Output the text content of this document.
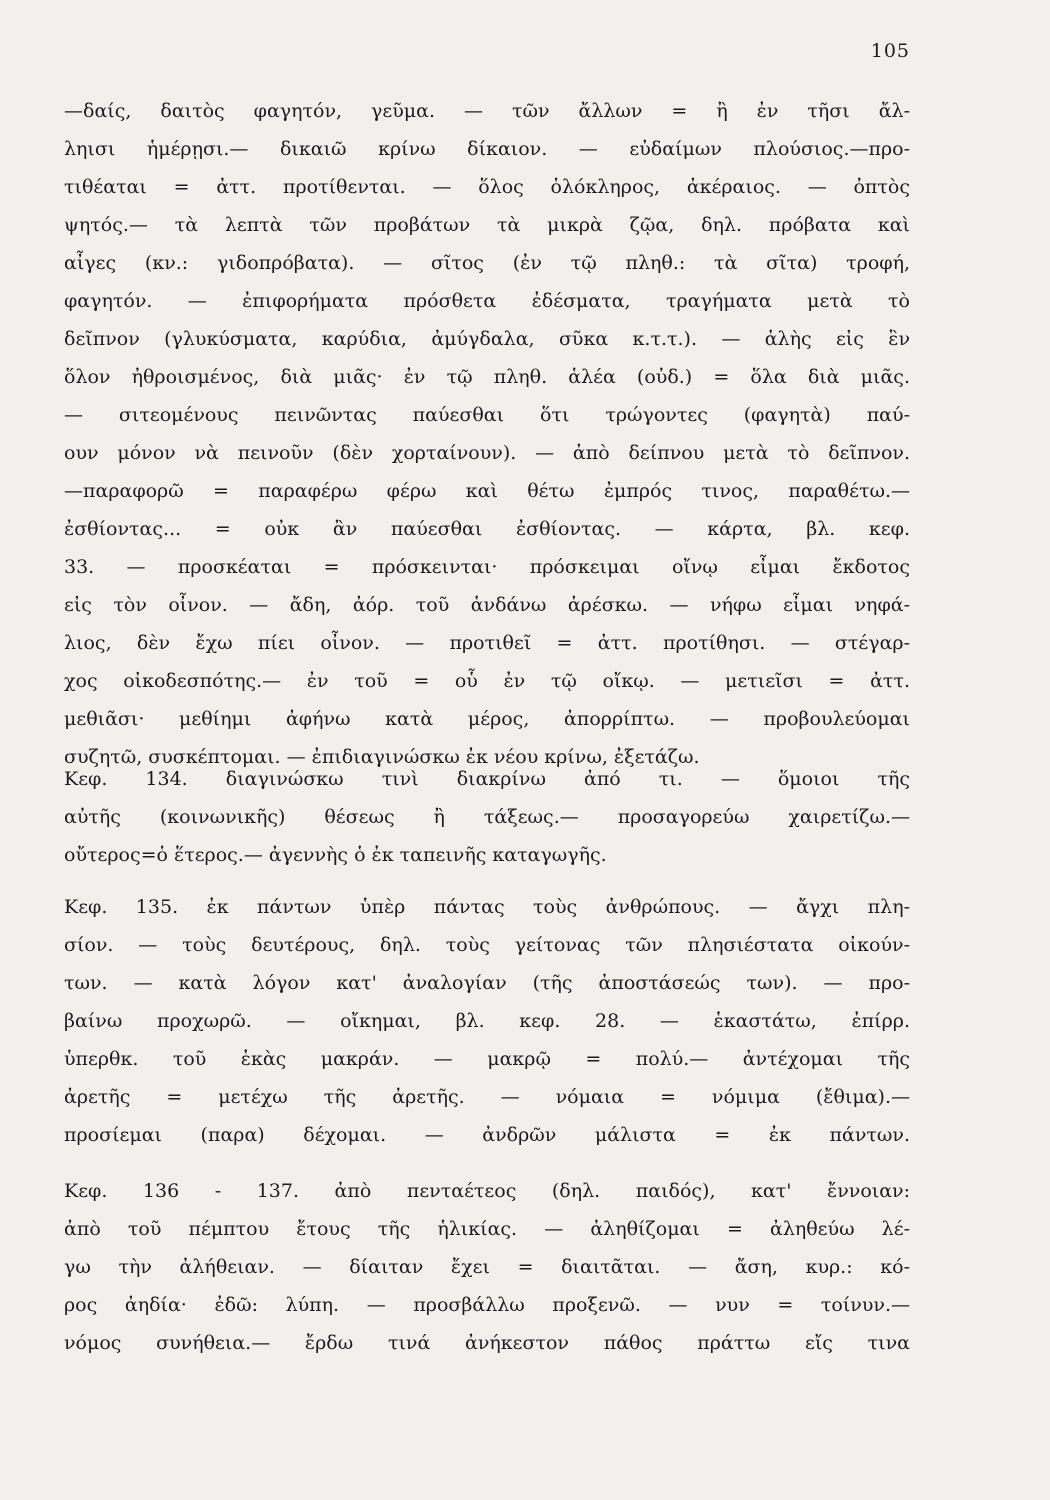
105
—δαίς, δαιτὸς φαγητόν, γεῦμα. — τῶν ἄλλων = ἢ ἐν τῆσι ἄλ-
ληισι ἡμέρῃσι.— δικαιῶ κρίνω δίκαιον. — εὐδαίμων πλούσιος.—προ-
τιθέαται = ἀττ. προτίθενται. — ὅλος ὁλόκληρος, ἀκέραιος. — ὀπτὸς
ψητός.— τὰ λεπτὰ τῶν προβάτων τὰ μικρὰ ζῷα, δηλ. πρόβατα καὶ
αἶγες (κν.: γιδοπρόβατα). — σῖτος (ἐν τῷ πληθ.: τὰ σῖτα) τροφή,
φαγητόν. — ἐπιφορήματα πρόσθετα ἐδέσματα, τραγήματα μετὰ τὸ
δεῖπνον (γλυκύσματα, καρύδια, ἀμύγδαλα, σῦκα κ.τ.τ.). — ἁλὴς εἰς ἓν
ὅλον ἠθροισμένος, διὰ μιᾶς· ἐν τῷ πληθ. ἁλέα (οὐδ.) = ὅλα διὰ μιᾶς.
— σιτεομένους πεινῶντας παύεσθαι ὅτι τρώγοντες (φαγητὰ) παύ-
ουν μόνον νὰ πεινοῦν (δὲν χορταίνουν). — ἀπὸ δείπνου μετὰ τὸ δεῖπνον.
—παραφορῶ = παραφέρω φέρω καὶ θέτω ἐμπρός τινος, παραθέτω.—
ἐσθίοντας... = οὐκ ἂν παύεσθαι ἐσθίοντας. — κάρτα, βλ. κεφ.
33. — προσκέαται = πρόσκεινται· πρόσκειμαι οἴνῳ εἶμαι ἔκδοτος
εἰς τὸν οἶνον. — ἄδη, ἀόρ. τοῦ ἁνδάνω ἀρέσκω. — νήφω εἶμαι νηφά-
λιος, δὲν ἔχω πίει οἶνον. — προτιθεῖ = ἀττ. προτίθησι. — στέγαρ-
χος οἰκοδεσπότης.— ἐν τοῦ = οὗ ἐν τῷ οἴκῳ. — μετιεῖσι = ἀττ.
μεθιᾶσι· μεθίημι ἀφήνω κατὰ μέρος, ἀπορρίπτω. — προβουλεύομαι
συζητῶ, συσκέπτομαι. — ἐπιδιαγινώσκω ἐκ νέου κρίνω, ἐξετάζω.
Κεφ. 134. διαγινώσκω τινὶ διακρίνω ἀπό τι. — ὅμοιοι τῆς
αὐτῆς (κοινωνικῆς) θέσεως ἢ τάξεως.— προσαγορεύω χαιρετίζω.—
οὔτερος=ὁ ἕτερος.— ἀγεννὴς ὁ ἐκ ταπεινῆς καταγωγῆς.
Κεφ. 135. ἐκ πάντων ὑπὲρ πάντας τοὺς ἀνθρώπους. — ἄγχι πλη-
σίον. — τοὺς δευτέρους, δηλ. τοὺς γείτονας τῶν πλησιέστατα οἰκούν-
των. — κατὰ λόγον κατ' ἀναλογίαν (τῆς ἀποστάσεώς των). — προ-
βαίνω προχωρῶ. — οἴκημαι, βλ. κεφ. 28. — ἑκαστάτω, ἐπίρρ.
ὑπερθκ. τοῦ ἑκὰς μακράν. — μακρῷ = πολύ.— ἀντέχομαι τῆς
ἀρετῆς = μετέχω τῆς ἀρετῆς. — νόμαια = νόμιμα (ἔθιμα).—
προσίεμαι (παρα) δέχομαι. — ἀνδρῶν μάλιστα = ἐκ πάντων.
Κεφ. 136 - 137. ἀπὸ πενταέτεος (δηλ. παιδός), κατ' ἔννοιαν:
ἀπὸ τοῦ πέμπτου ἔτους τῆς ἡλικίας. — ἀληθίζομαι = ἀληθεύω λέ-
γω τὴν ἀλήθειαν. — δίαιταν ἔχει = διαιτᾶται. — ἄση, κυρ.: κό-
ρος ἀηδία· ἐδῶ: λύπη. — προσβάλλω προξενῶ. — νυν = τοίνυν.—
νόμος συνήθεια.— ἔρδω τινά ἀνήκεστον πάθος πράττω εἴς τινα
